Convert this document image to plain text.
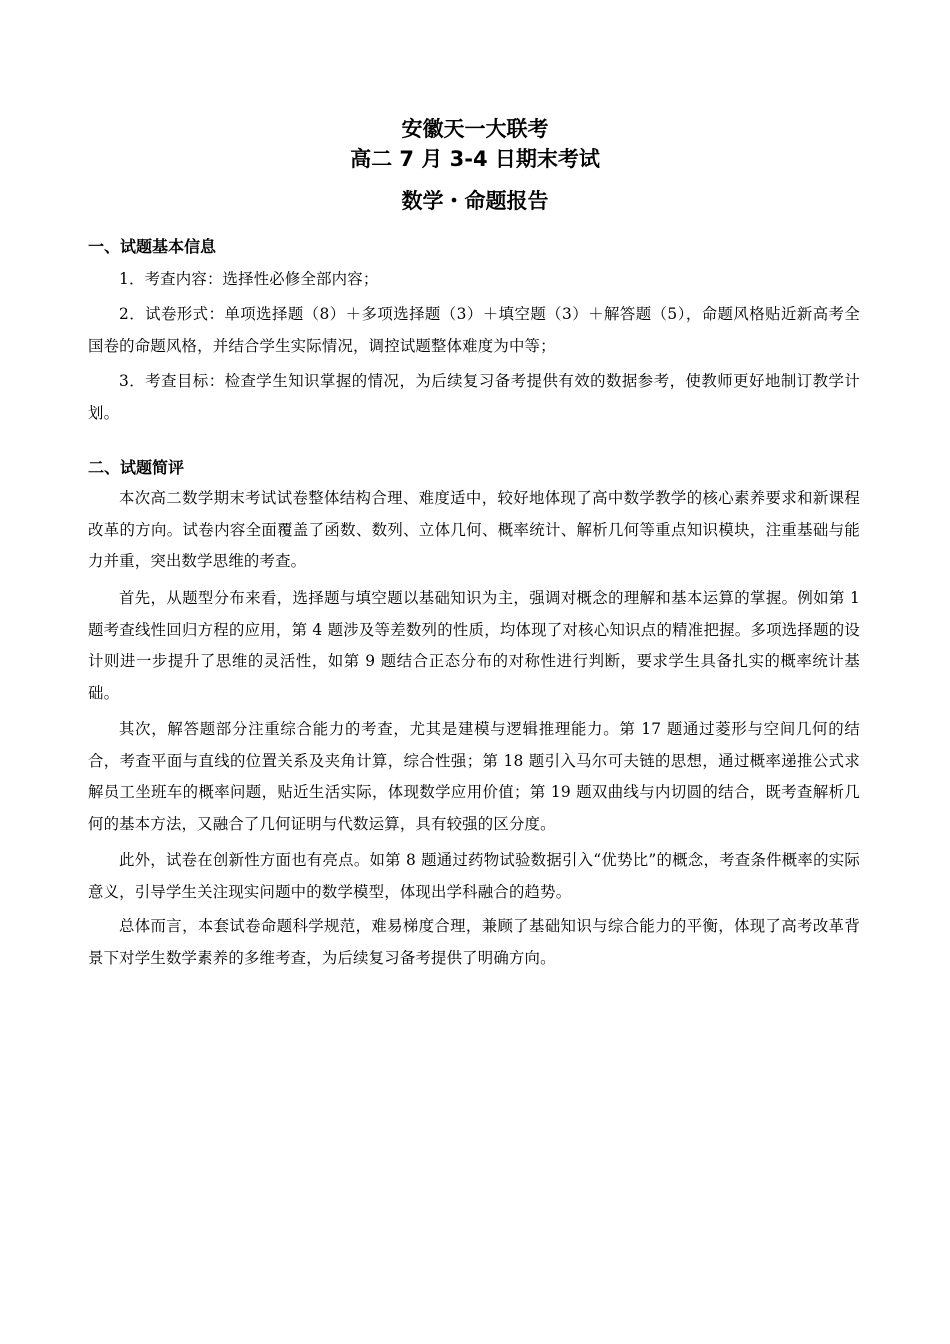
安徽天一大联考
高二 7 月 3-4 日期末考试
数学・命题报告
一、试题基本信息
1．考查内容：选择性必修全部内容；
2．试卷形式：单项选择题（8）＋多项选择题（3）＋填空题（3）＋解答题（5），命题风格贴近新高考全国卷的命题风格，并结合学生实际情况，调控试题整体难度为中等；
3．考查目标：检查学生知识掌握的情况，为后续复习备考提供有效的数据参考，使教师更好地制订教学计划。
二、试题简评
本次高二数学期末考试试卷整体结构合理、难度适中，较好地体现了高中数学教学的核心素养要求和新课程改革的方向。试卷内容全面覆盖了函数、数列、立体几何、概率统计、解析几何等重点知识模块，注重基础与能力并重，突出数学思维的考查。
首先，从题型分布来看，选择题与填空题以基础知识为主，强调对概念的理解和基本运算的掌握。例如第 1 题考查线性回归方程的应用，第 4 题涉及等差数列的性质，均体现了对核心知识点的精准把握。多项选择题的设计则进一步提升了思维的灵活性，如第 9 题结合正态分布的对称性进行判断，要求学生具备扎实的概率统计基础。
其次，解答题部分注重综合能力的考查，尤其是建模与逻辑推理能力。第 17 题通过菱形与空间几何的结合，考查平面与直线的位置关系及夹角计算，综合性强；第 18 题引入马尔可夫链的思想，通过概率递推公式求解员工坐班车的概率问题，贴近生活实际，体现数学应用价值；第 19 题双曲线与内切圆的结合，既考查解析几何的基本方法，又融合了几何证明与代数运算，具有较强的区分度。
此外，试卷在创新性方面也有亮点。如第 8 题通过药物试验数据引入“优势比”的概念，考查条件概率的实际意义，引导学生关注现实问题中的数学模型，体现出学科融合的趋势。
总体而言，本套试卷命题科学规范，难易梯度合理，兼顾了基础知识与综合能力的平衡，体现了高考改革背景下对学生数学素养的多维考查，为后续复习备考提供了明确方向。
